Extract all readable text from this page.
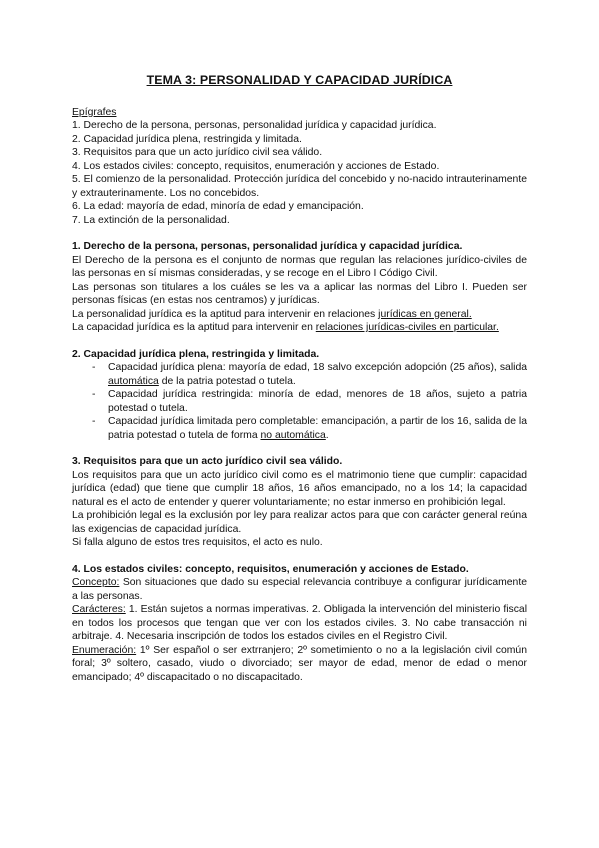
TEMA 3: PERSONALIDAD Y CAPACIDAD JURÍDICA

Epígrafes

1. Derecho de la persona, personas, personalidad jurídica y capacidad jurídica.

2. Capacidad jurídica plena, restringida y limitada.

3. Requisitos para que un acto jurídico civil sea válido.

4. Los estados civiles: concepto, requisitos, enumeración y acciones de Estado.

5. El comienzo de la personalidad. Protección jurídica del concebido y no-nacido intrauterinamente y extrauterinamente. Los no concebidos.

6. La edad: mayoría de edad, minoría de edad y emancipación.

7. La extinción de la personalidad.

1. Derecho de la persona, personas, personalidad jurídica y capacidad jurídica.

El Derecho de la persona es el conjunto de normas que regulan las relaciones jurídico-civiles de las personas en sí mismas consideradas, y se recoge en el Libro I Código Civil.

Las personas son titulares a los cuáles se les va a aplicar las normas del Libro I. Pueden ser personas físicas (en estas nos centramos) y jurídicas.

La personalidad jurídica es la aptitud para intervenir en relaciones jurídicas en general.

La capacidad jurídica es la aptitud para intervenir en relaciones jurídicas-civiles en particular.

2. Capacidad jurídica plena, restringida y limitada.

- Capacidad jurídica plena: mayoría de edad, 18 salvo excepción adopción (25 años), salida automática de la patria potestad o tutela.
- Capacidad jurídica restringida: minoría de edad, menores de 18 años, sujeto a patria potestad o tutela.
- Capacidad jurídica limitada pero completable: emancipación, a partir de los 16, salida de la patria potestad o tutela de forma no automática.

3. Requisitos para que un acto jurídico civil sea válido.

Los requisitos para que un acto jurídico civil como es el matrimonio tiene que cumplir: capacidad jurídica (edad) que tiene que cumplir 18 años, 16 años emancipado, no a los 14; la capacidad natural es el acto de entender y querer voluntariamente; no estar inmerso en prohibición legal.

La prohibición legal es la exclusión por ley para realizar actos para que con carácter general reúna las exigencias de capacidad jurídica.

Si falla alguno de estos tres requisitos, el acto es nulo.

4. Los estados civiles: concepto, requisitos, enumeración y acciones de Estado.

Concepto: Son situaciones que dado su especial relevancia contribuye a configurar jurídicamente a las personas.

Carácteres: 1. Están sujetos a normas imperativas. 2. Obligada la intervención del ministerio fiscal en todos los procesos que tengan que ver con los estados civiles. 3. No cabe transacción ni arbitraje. 4. Necesaria inscripción de todos los estados civiles en el Registro Civil.

Enumeración: 1º Ser español o ser extrranjero; 2º sometimiento o no a la legislación civil común foral; 3º soltero, casado, viudo o divorciado; ser mayor de edad, menor de edad o menor emancipado; 4º discapacitado o no discapacitado.
